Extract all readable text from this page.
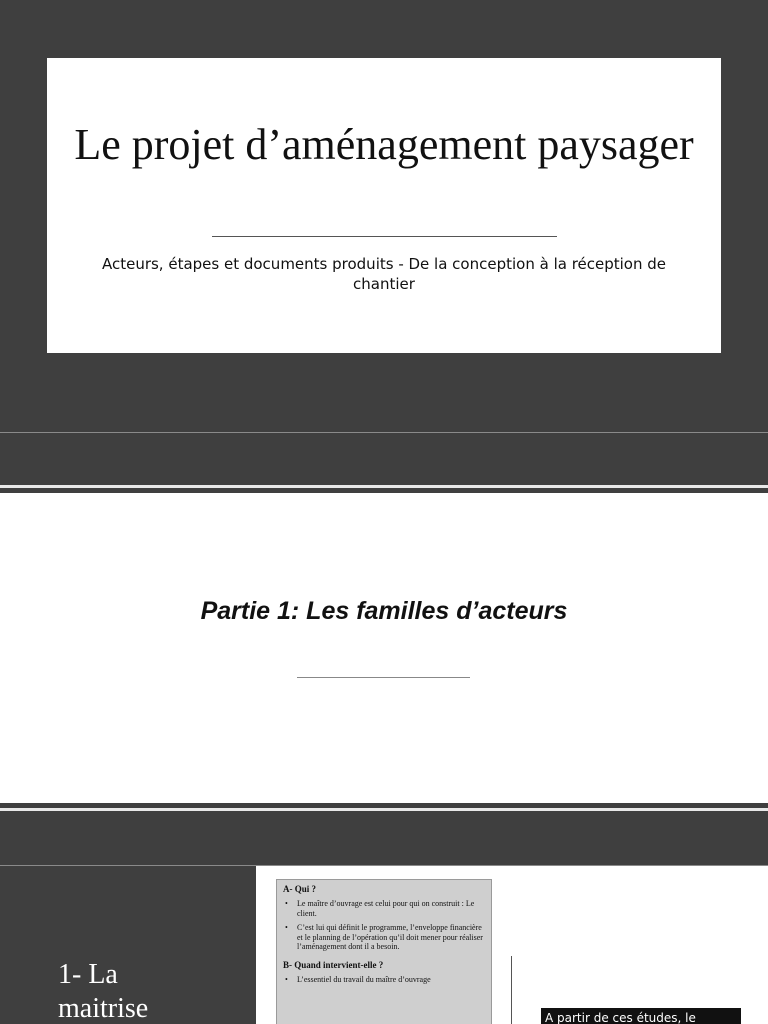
Le projet d’aménagement paysager
Acteurs, étapes et documents produits - De la conception à la réception de chantier
Partie 1: Les familles d’acteurs
1- La
maitrise
A- Qui ?
• Le maître d’ouvrage est celui pour qui on construit : Le client.
• C’est lui qui définit le programme, l’enveloppe financière et le planning de l’opération qu’il doit mener pour réaliser l’aménagement dont il a besoin.
B- Quand intervient-elle ?
• L’essentiel du travail du maître d’ouvrage
A partir de ces études, le
